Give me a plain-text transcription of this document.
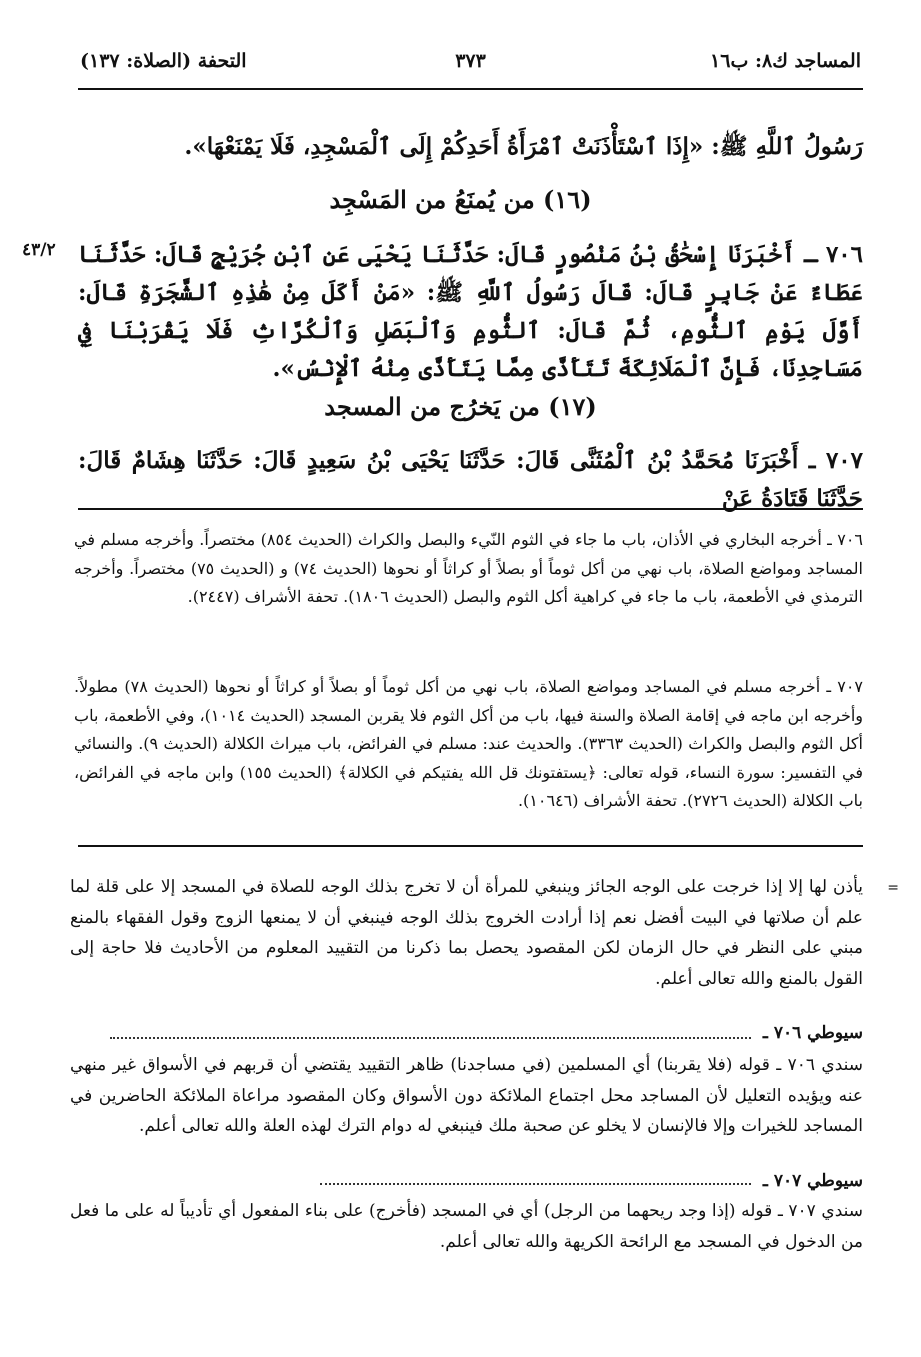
المساجد ك٨: ب١٦
٣٧٣
التحفة (الصلاة: ١٣٧)

رَسُولُ ٱللَّهِ ﷺ: «إِذَا ٱسْتَأْذَنَتْ ٱمْرَأَةُ أَحَدِكُمْ إِلَى ٱلْمَسْجِدِ، فَلَا يَمْنَعْهَا».

(١٦) من يُمنَعُ من المَسْجِد
٤٣/٢ ٧٠٦ ـ أَخْبَرَنَا إِسْحَٰقُ بْنُ مَنْصُورٍ قَالَ: حَدَّثَنَا يَحْيَى عَنِ ٱبْنِ جُرَيْجٍ قَالَ: حَدَّثَنَا عَطَاءٌ عَنْ جَابِرٍ قَالَ: قَالَ رَسُولُ ٱللَّهِ ﷺ: «مَنْ أَكَلَ مِنْ هَٰذِهِ ٱلشَّجَرَةِ قَالَ: أَوَّلَ يَوْمِ ٱلثُّومِ، ثُمَّ قَالَ: ٱلثُّومِ وَٱلْبَصَلِ وَٱلْكُرَّاثِ فَلَا يَقْرَبْنَا فِي مَسَاجِدِنَا، فَإِنَّ ٱلْمَلَائِكَةَ تَتَأَذَّى مِمَّا يَتَأَذَّى مِنْهُ ٱلْإِنْسُ».

(١٧) من يَخرُج من المسجد

٧٠٧ ـ أَخْبَرَنَا مُحَمَّدُ بْنُ ٱلْمُثَنَّى قَالَ: حَدَّثَنَا يَحْيَى بْنُ سَعِيدٍ قَالَ: حَدَّثَنَا هِشَامٌ قَالَ: حَدَّثَنَا قَتَادَةُ عَنْ

٧٠٦ ـ أخرجه البخاري في الأذان، باب ما جاء في الثوم النّيء والبصل والكراث (الحديث ٨٥٤) مختصراً. وأخرجه مسلم في المساجد ومواضع الصلاة، باب نهي من أكل ثوماً أو بصلاً أو كراثاً أو نحوها (الحديث ٧٤) و (الحديث ٧٥) مختصراً. وأخرجه الترمذي في الأطعمة، باب ما جاء في كراهية أكل الثوم والبصل (الحديث ١٨٠٦). تحفة الأشراف (٢٤٤٧).

٧٠٧ ـ أخرجه مسلم في المساجد ومواضع الصلاة، باب نهي من أكل ثوماً أو بصلاً أو كراثاً أو نحوها (الحديث ٧٨) مطولاً. وأخرجه ابن ماجه في إقامة الصلاة والسنة فيها، باب من أكل الثوم فلا يقربن المسجد (الحديث ١٠١٤)، وفي الأطعمة، باب أكل الثوم والبصل والكراث (الحديث ٣٣٦٣). والحديث عند: مسلم في الفرائض، باب ميراث الكلالة (الحديث ٩). والنسائي في التفسير: سورة النساء، قوله تعالى: ﴿يستفتونك قل الله يفتيكم في الكلالة﴾ (الحديث ١٥٥) وابن ماجه في الفرائض، باب الكلالة (الحديث ٢٧٢٦). تحفة الأشراف (١٠٦٤٦).

=

يأذن لها إلا إذا خرجت على الوجه الجائز وينبغي للمرأة أن لا تخرج بذلك الوجه للصلاة في المسجد إلا على قلة لما علم أن صلاتها في البيت أفضل نعم إذا أرادت الخروج بذلك الوجه فينبغي أن لا يمنعها الزوج وقول الفقهاء بالمنع مبني على النظر في حال الزمان لكن المقصود يحصل بما ذكرنا من التقييد المعلوم من الأحاديث فلا حاجة إلى القول بالمنع والله تعالى أعلم.

سيوطي ٧٠٦ ـ

سندي ٧٠٦ ـ قوله (فلا يقربنا) أي المسلمين (في مساجدنا) ظاهر التقييد يقتضي أن قربهم في الأسواق غير منهي عنه ويؤيده التعليل لأن المساجد محل اجتماع الملائكة دون الأسواق وكان المقصود مراعاة الملائكة الحاضرين في المساجد للخيرات وإلا فالإنسان لا يخلو عن صحبة ملك فينبغي له دوام الترك لهذه العلة والله تعالى أعلم.

سيوطي ٧٠٧ ـ

سندي ٧٠٧ ـ قوله (إذا وجد ريحهما من الرجل) أي في المسجد (فأخرج) على بناء المفعول أي تأديباً له على ما فعل من الدخول في المسجد مع الرائحة الكريهة والله تعالى أعلم.
